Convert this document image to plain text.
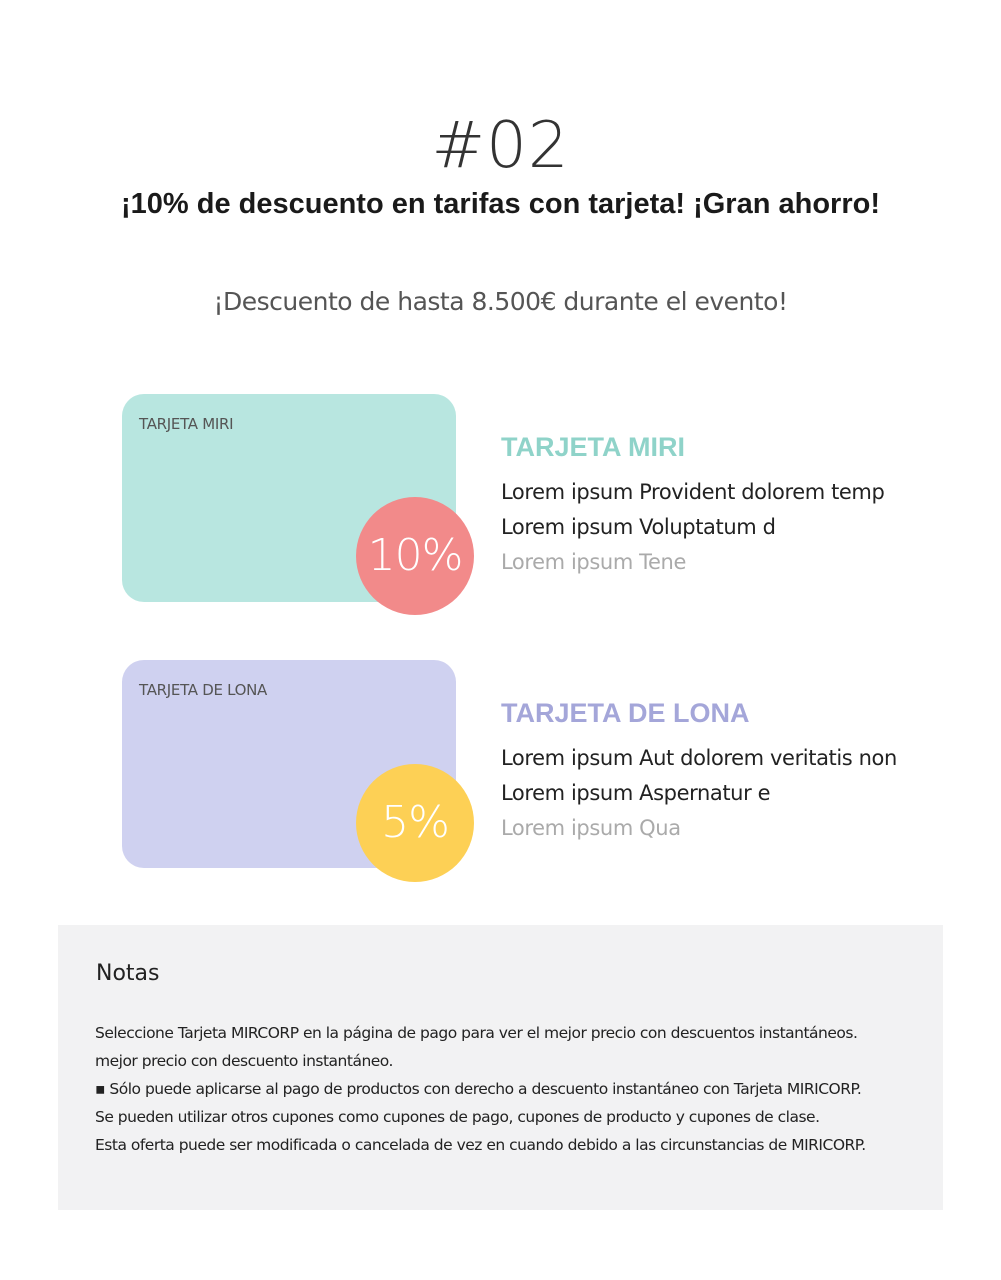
#02
¡10% de descuento en tarifas con tarjeta! ¡Gran ahorro!
¡Descuento de hasta 8.500€ durante el evento!
TARJETA MIRI
10%
TARJETA MIRI
Lorem ipsum Provident dolorem temp
Lorem ipsum Voluptatum d
Lorem ipsum Tene
TARJETA DE LONA
5%
TARJETA DE LONA
Lorem ipsum Aut dolorem veritatis non
Lorem ipsum Aspernatur e
Lorem ipsum Qua
Notas
Seleccione Tarjeta MIRCORP en la página de pago para ver el mejor precio con descuentos instantáneos.
mejor precio con descuento instantáneo.
▪ Sólo puede aplicarse al pago de productos con derecho a descuento instantáneo con Tarjeta MIRICORP.
Se pueden utilizar otros cupones como cupones de pago, cupones de producto y cupones de clase.
Esta oferta puede ser modificada o cancelada de vez en cuando debido a las circunstancias de MIRICORP.
